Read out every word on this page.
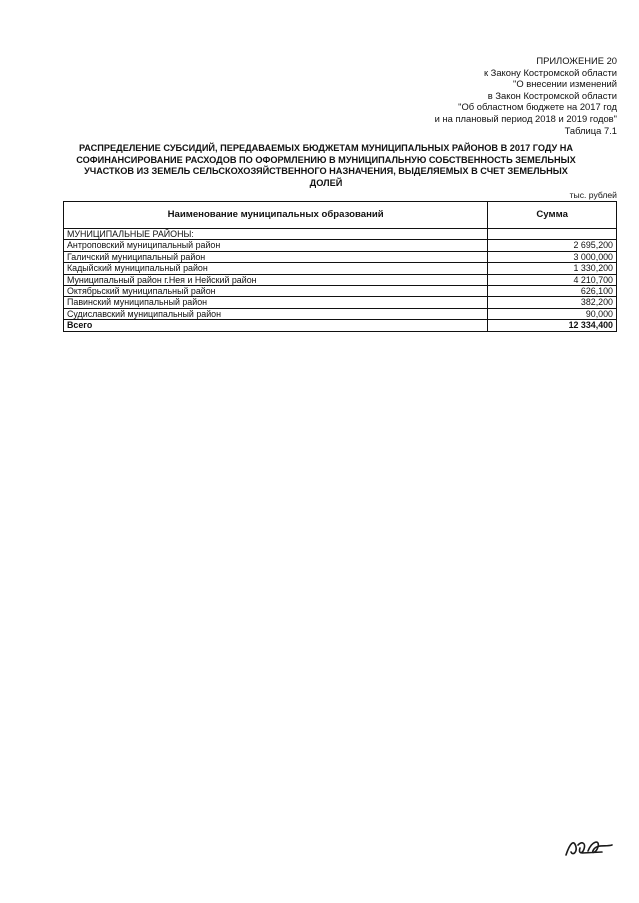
ПРИЛОЖЕНИЕ 20
к Закону Костромской области
"О внесении изменений
в Закон Костромской области
"Об областном бюджете на 2017 год
и на плановый период 2018 и 2019 годов"
Таблица 7.1
РАСПРЕДЕЛЕНИЕ СУБСИДИЙ, ПЕРЕДАВАЕМЫХ БЮДЖЕТАМ МУНИЦИПАЛЬНЫХ РАЙОНОВ В 2017 ГОДУ НА
СОФИНАНСИРОВАНИЕ РАСХОДОВ ПО ОФОРМЛЕНИЮ В МУНИЦИПАЛЬНУЮ СОБСТВЕННОСТЬ ЗЕМЕЛЬНЫХ
УЧАСТКОВ ИЗ ЗЕМЕЛЬ СЕЛЬСКОХОЗЯЙСТВЕННОГО НАЗНАЧЕНИЯ, ВЫДЕЛЯЕМЫХ В СЧЕТ ЗЕМЕЛЬНЫХ
ДОЛЕЙ
тыс. рублей
Наименование муниципальных образований	Сумма
МУНИЦИПАЛЬНЫЕ РАЙОНЫ:	
Антроповский муниципальный район	2 695,200
Галичский муниципальный район	3 000,000
Кадыйский муниципальный район	1 330,200
Муниципальный район г.Нея и Нейский район	4 210,700
Октябрьский муниципальный район	626,100
Павинский муниципальный район	382,200
Судиславский муниципальный район	90,000
Всего	12 334,400
